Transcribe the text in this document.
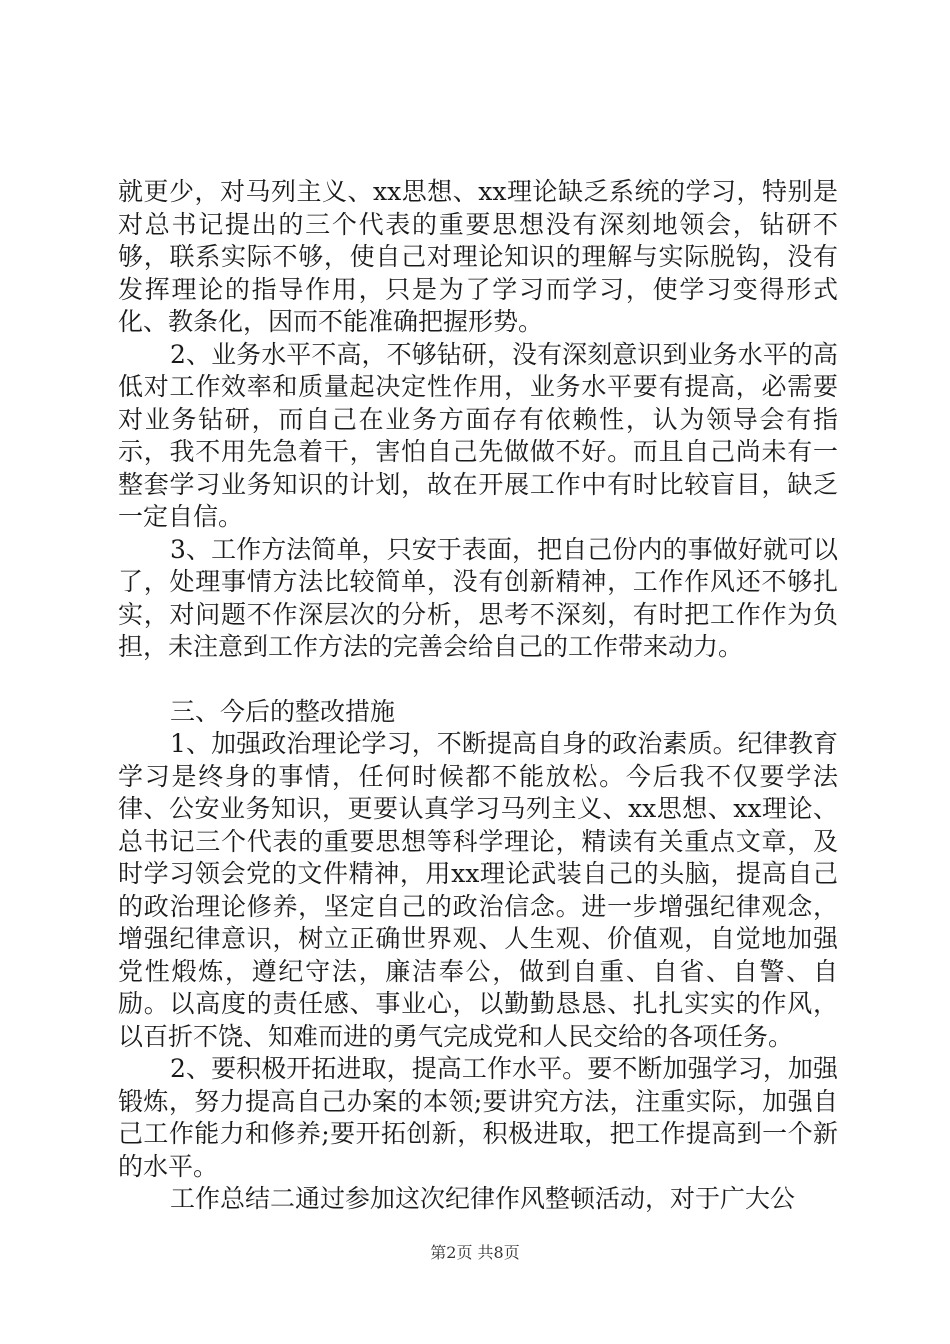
就更少，对马列主义、xx思想、xx理论缺乏系统的学习，特别是对总书记提出的三个代表的重要思想没有深刻地领会，钻研不够，联系实际不够，使自己对理论知识的理解与实际脱钩，没有发挥理论的指导作用，只是为了学习而学习，使学习变得形式化、教条化，因而不能准确把握形势。

2、业务水平不高，不够钻研，没有深刻意识到业务水平的高低对工作效率和质量起决定性作用，业务水平要有提高，必需要对业务钻研，而自己在业务方面存有依赖性，认为领导会有指示，我不用先急着干，害怕自己先做做不好。而且自己尚未有一整套学习业务知识的计划，故在开展工作中有时比较盲目，缺乏一定自信。

3、工作方法简单，只安于表面，把自己份内的事做好就可以了，处理事情方法比较简单，没有创新精神，工作作风还不够扎实，对问题不作深层次的分析，思考不深刻，有时把工作作为负担，未注意到工作方法的完善会给自己的工作带来动力。

三、今后的整改措施

1、加强政治理论学习，不断提高自身的政治素质。纪律教育学习是终身的事情，任何时候都不能放松。今后我不仅要学法律、公安业务知识，更要认真学习马列主义、xx思想、xx理论、总书记三个代表的重要思想等科学理论，精读有关重点文章，及时学习领会党的文件精神，用xx理论武装自己的头脑，提高自己的政治理论修养，坚定自己的政治信念。进一步增强纪律观念，增强纪律意识，树立正确世界观、人生观、价值观，自觉地加强党性煅炼，遵纪守法，廉洁奉公，做到自重、自省、自警、自励。以高度的责任感、事业心，以勤勤恳恳、扎扎实实的作风，以百折不饶、知难而进的勇气完成党和人民交给的各项任务。

2、要积极开拓进取，提高工作水平。要不断加强学习，加强锻炼，努力提高自己办案的本领;要讲究方法，注重实际，加强自己工作能力和修养;要开拓创新，积极进取，把工作提高到一个新的水平。

工作总结二通过参加这次纪律作风整顿活动，对于广大公

第2页 共8页
